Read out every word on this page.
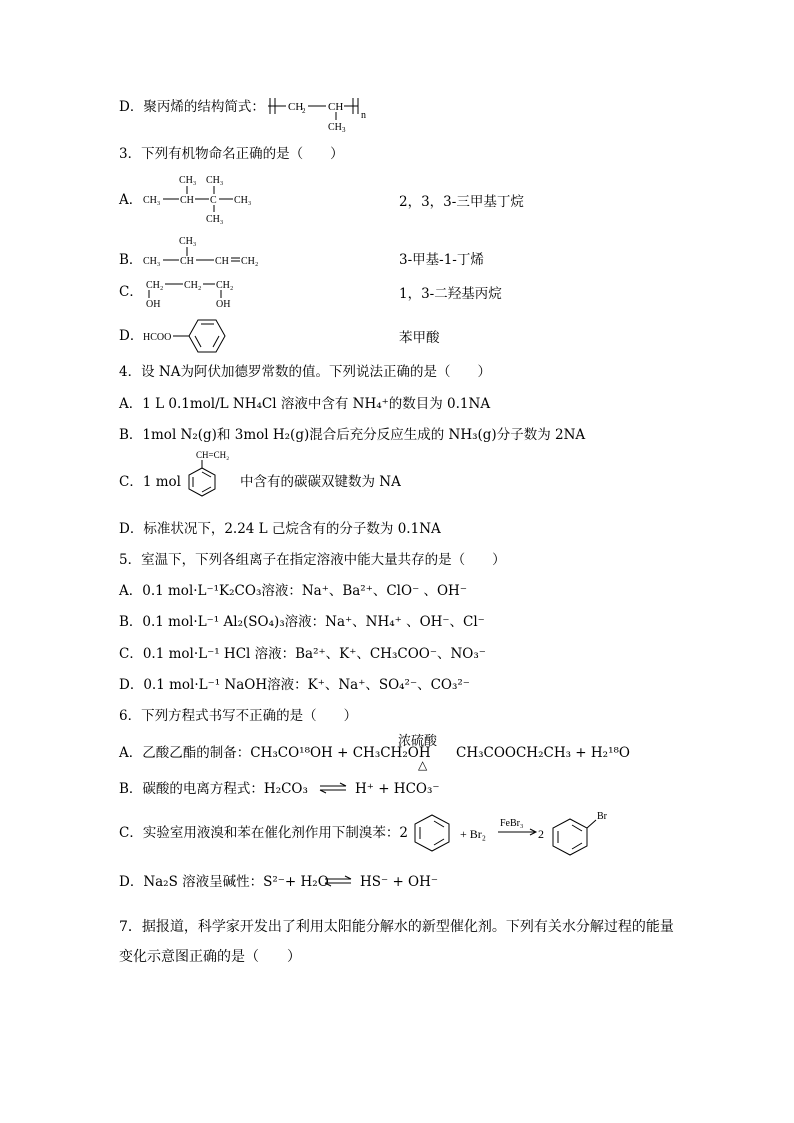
D．聚丙烯的结构简式： CH
2 CH
n
CH 3
3．下列有机物命名正确的是（　　）
A． CH₃ CH C CH₃
CH₃ CH₃
CH₃
2，3，3-三甲基丁烷
B．
CH₃
CH₃ CH CH CH₂	3-甲基-1-丁烯
C． CH₂ CH₂ CH₂
OH	OH
1，3-二羟基丙烷
D． HCOO	苯甲酸
4．设 NA为阿伏加德罗常数的值。下列说法正确的是（　　）
A．1 L 0.1mol/L NH₄Cl 溶液中含有 NH₄⁺的数目为 0.1NA
B．1mol N₂(g)和 3mol H₂(g)混合后充分反应生成的 NH₃(g)分子数为 2NA
C．1 mol
CH=CH₂
中含有的碳碳双键数为 NA
D．标准状况下，2.24 L 己烷含有的分子数为 0.1NA
5．室温下，下列各组离子在指定溶液中能大量共存的是（　　）
A．0.1 mol·L⁻¹K₂CO₃溶液：Na⁺、Ba²⁺、ClO⁻ 、OH⁻
B．0.1 mol·L⁻¹ Al₂(SO₄)₃溶液：Na⁺、NH₄⁺ 、OH⁻、Cl⁻
C．0.1 mol·L⁻¹ HCl 溶液：Ba²⁺、K⁺、CH₃COO⁻、NO₃⁻
D．0.1 mol·L⁻¹ NaOH溶液：K⁺、Na⁺、SO₄²⁻、CO₃²⁻
6．下列方程式书写不正确的是（　　）
A．乙酸乙酯的制备：CH₃CO¹⁸OH + CH₃CH₂OH
浓硫酸
△
CH₃COOCH₂CH₃ + H₂¹⁸O
B．碳酸的电离方程式：H₂CO₃	H⁺ + HCO₃⁻
C．实验室用液溴和苯在催化剂作用下制溴苯：2	+ Br₂
FeBr₃
2
Br
D．Na₂S 溶液呈碱性：S²⁻+ H₂O HS⁻ + OH⁻
7．据报道，科学家开发出了利用太阳能分解水的新型催化剂。下列有关水分解过程的能量
变化示意图正确的是（　　）
